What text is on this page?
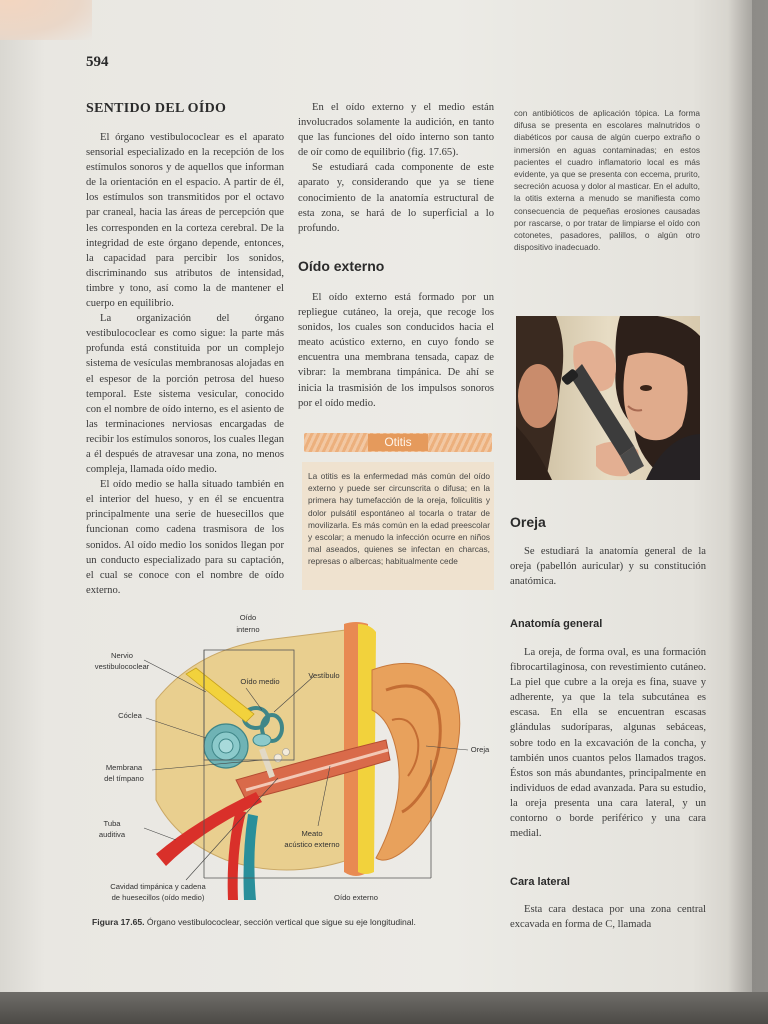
594
SENTIDO DEL OÍDO

El órgano vestibulococlear es el aparato sensorial especializado en la recepción de los estímulos sonoros y de aquellos que informan de la orientación en el espacio. A partir de él, los estímulos son transmitidos por el octavo par craneal, hacia las áreas de percepción que les corresponden en la corteza cerebral. De la integridad de este órgano depende, entonces, la capacidad para percibir los sonidos, discriminando sus atributos de intensidad, timbre y tono, así como la de mantener el cuerpo en equilibrio.

La organización del órgano vestibulococlear es como sigue: la parte más profunda está constituida por un complejo sistema de vesículas membranosas alojadas en el espesor de la porción petrosa del hueso temporal. Este sistema vesicular, conocido con el nombre de oído interno, es el asiento de las terminaciones nerviosas encargadas de recibir los estímulos sonoros, los cuales llegan a él después de atravesar una zona, no menos compleja, llamada oído medio.

El oído medio se halla situado también en el interior del hueso, y en él se encuentra principalmente una serie de huesecillos que funcionan como cadena trasmisora de los sonidos. Al oído medio los sonidos llegan por un conducto especializado para su captación, el cual se conoce con el nombre de oído externo.

En el oído externo y el medio están involucrados solamente la audición, en tanto que las funciones del oído interno son tanto de oír como de equilibrio (fig. 17.65).

Se estudiará cada componente de este aparato y, considerando que ya se tiene conocimiento de la anatomía estructural de esta zona, se hará de lo superficial a lo profundo.

Oído externo

El oído externo está formado por un repliegue cutáneo, la oreja, que recoge los sonidos, los cuales son conducidos hacia el meato acústico externo, en cuyo fondo se encuentra una membrana tensada, capaz de vibrar: la membrana timpánica. De ahí se inicia la trasmisión de los impulsos sonoros por el oído medio.

Otitis
La otitis es la enfermedad más común del oído externo y puede ser circunscrita o difusa; en la primera hay tumefacción de la oreja, foliculitis y dolor pulsátil espontáneo al tocarla o tratar de movilizarla. Es más común en la edad preescolar y escolar; a menudo la infección ocurre en niños mal aseados, quienes se infectan en charcas, represas o albercas; habitualmente cede
con antibióticos de aplicación tópica. La forma difusa se presenta en escolares malnutridos o diabéticos por causa de algún cuerpo extraño o inmersión en aguas contaminadas; en estos pacientes el cuadro inflamatorio local es más evidente, ya que se presenta con eccema, prurito, secreción acuosa y dolor al masticar. En el adulto, la otitis externa a menudo se manifiesta como consecuencia de pequeñas erosiones causadas por rascarse, o por tratar de limpiarse el oído con cotonetes, pasadores, palillos, o algún otro dispositivo inadecuado.
Oreja

Se estudiará la anatomía general de la oreja (pabellón auricular) y su constitución anatómica.

Anatomía general

La oreja, de forma oval, es una formación fibrocartilaginosa, con revestimiento cutáneo. La piel que cubre a la oreja es fina, suave y adherente, ya que la tela subcutánea es escasa. En ella se encuentran escasas glándulas sudoríparas, algunas sebáceas, sobre todo en la excavación de la concha, y también unos cuantos pelos llamados tragos. Éstos son más abundantes, principalmente en individuos de edad avanzada. Para su estudio, la oreja presenta una cara lateral, y un contorno o borde periférico y una cara medial.

Cara lateral

Esta cara destaca por una zona central excavada en forma de C, llamada

Oído
interno
Nervio
vestibulococlear
Oído medio
Vestíbulo
Cóclea
Oreja
Membrana
del tímpano
Tuba
auditiva	Meato
acústico externo
Cavidad timpánica y cadena
de huesecillos (oído medio)	Oído externo
Figura 17.65. Órgano vestibulococlear, sección vertical que sigue su eje longitudinal.
